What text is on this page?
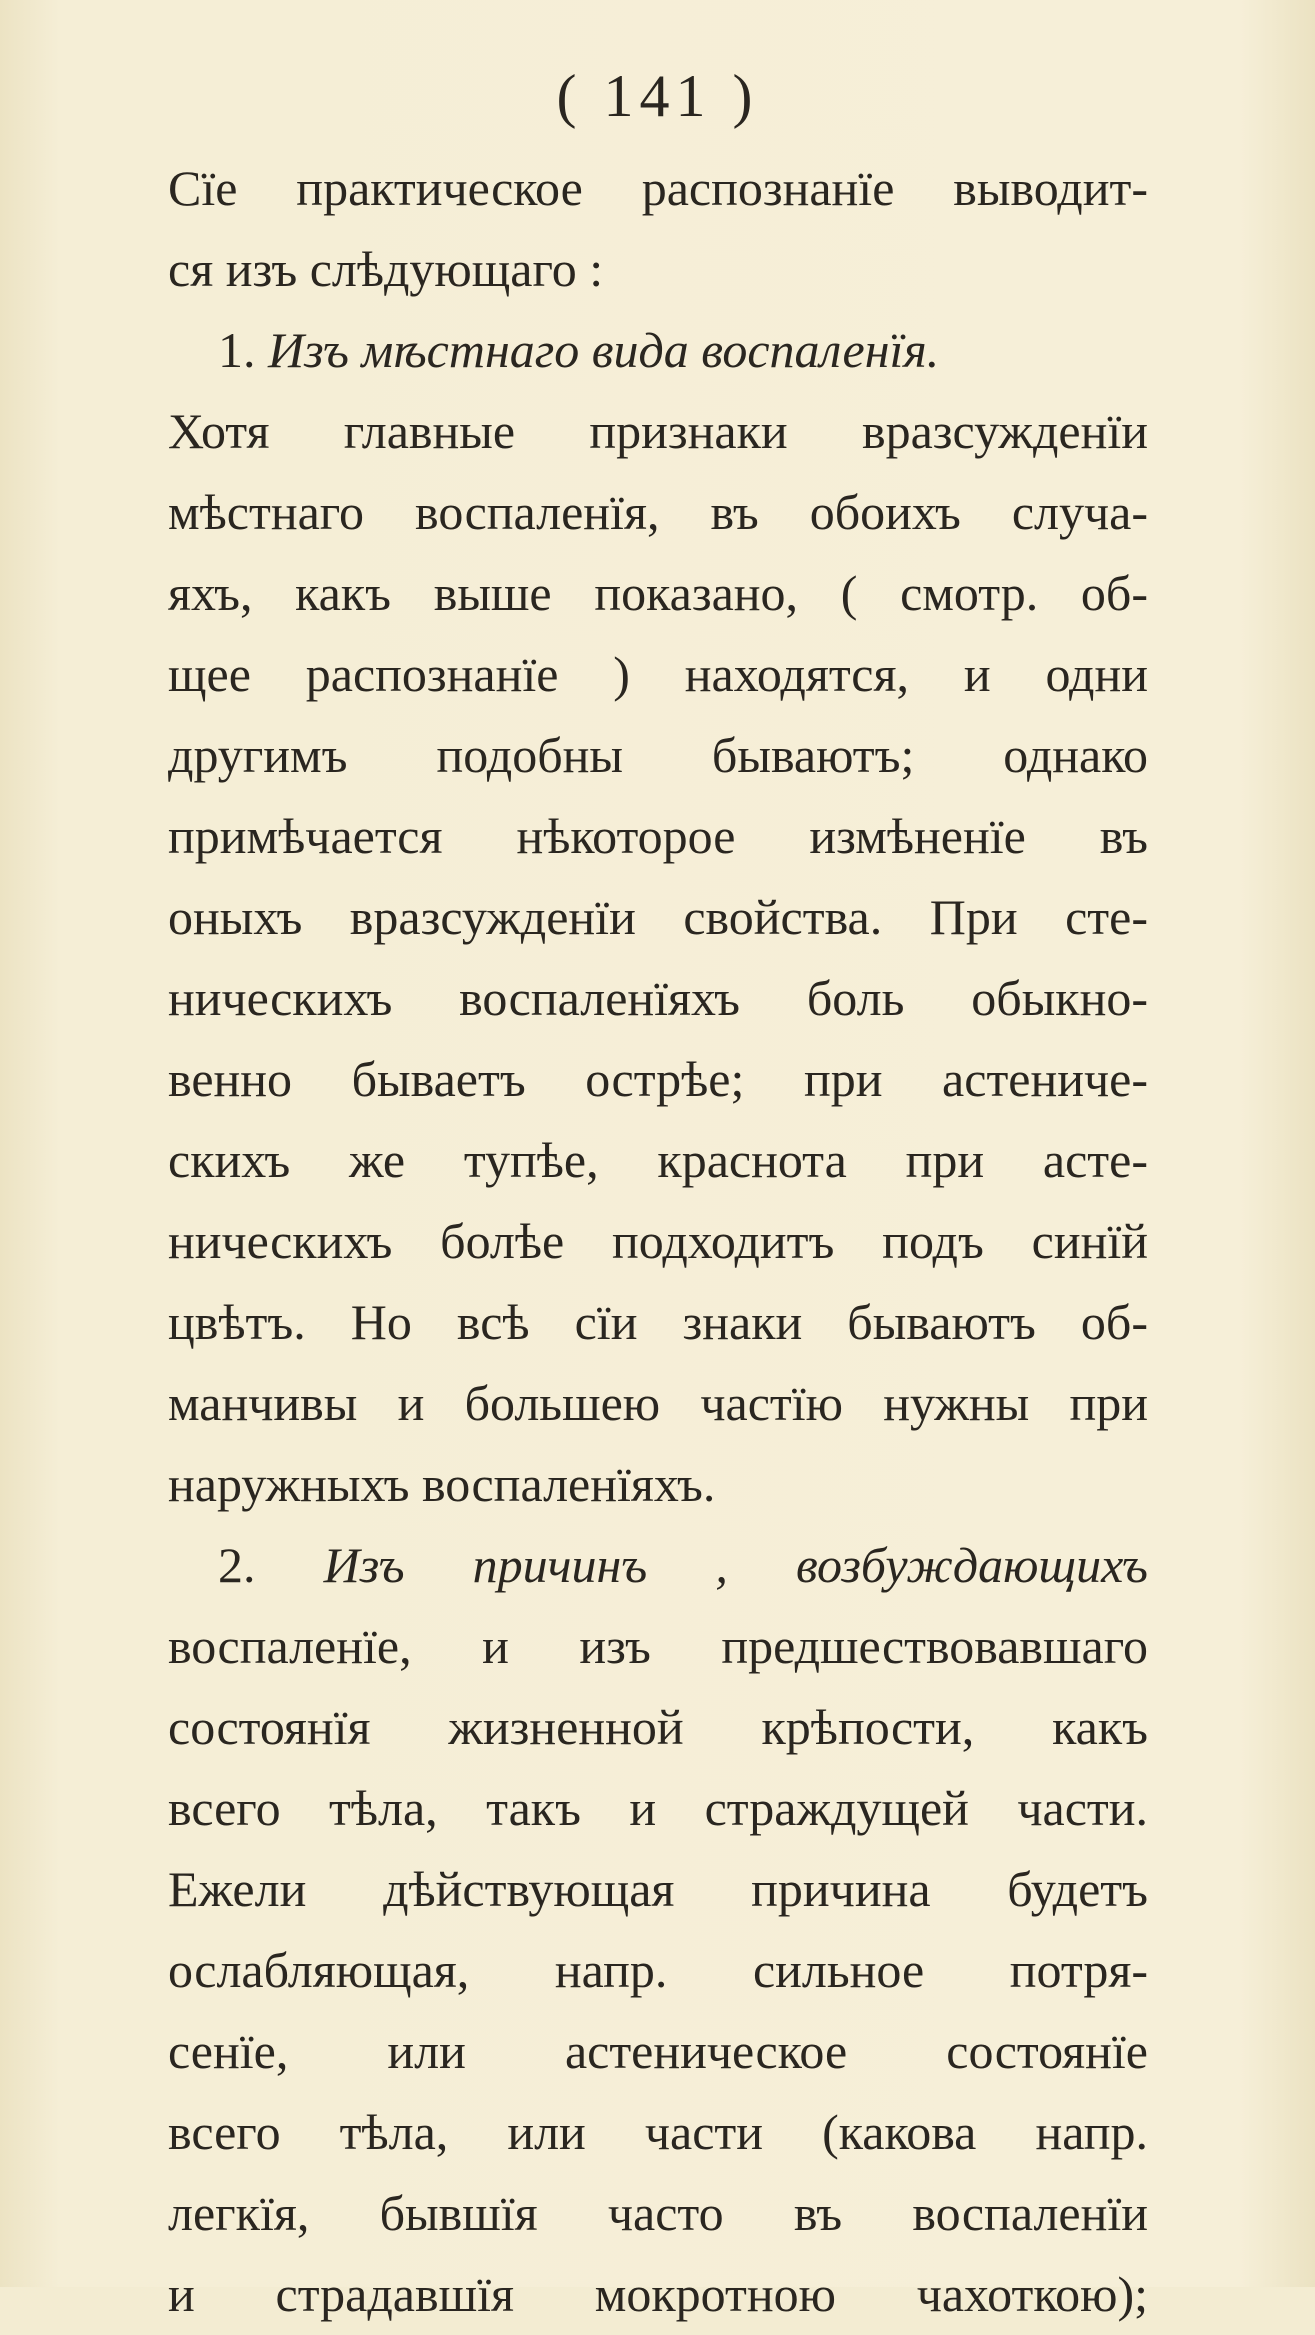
( 141 )
Сїе практическое распознанїе выводит-
ся изъ слѣдующаго :
1. Изъ мѣстнаго вида воспаленїя.
Хотя главные признаки вразсужденїи
мѣстнаго воспаленїя, въ обоихъ случа-
яхъ, какъ выше показано, ( смотр. об-
щее распознанїе ) находятся, и одни
другимъ подобны бываютъ; однако
примѣчается нѣкоторое измѣненїе въ
оныхъ вразсужденїи свойства. При сте-
ническихъ воспаленїяхъ боль обыкно-
венно бываетъ острѣе; при астениче-
скихъ же тупѣе, краснота при асте-
ническихъ болѣе подходитъ подъ синїй
цвѣтъ. Но всѣ сїи знаки бываютъ об-
манчивы и большею частїю нужны при
наружныхъ воспаленїяхъ.
2. Изъ причинъ , возбуждающихъ
воспаленїе, и изъ предшествовавшаго
состоянїя жизненной крѣпости, какъ
всего тѣла, такъ и страждущей части.
Ежели дѣйствующая причина будетъ
ослабляющая, напр. сильное потря-
сенїе, или астеническое состоянїе
всего тѣла, или части (какова напр.
легкїя, бывшїя часто въ воспаленїи
и страдавшїя мокротною чахоткою);
